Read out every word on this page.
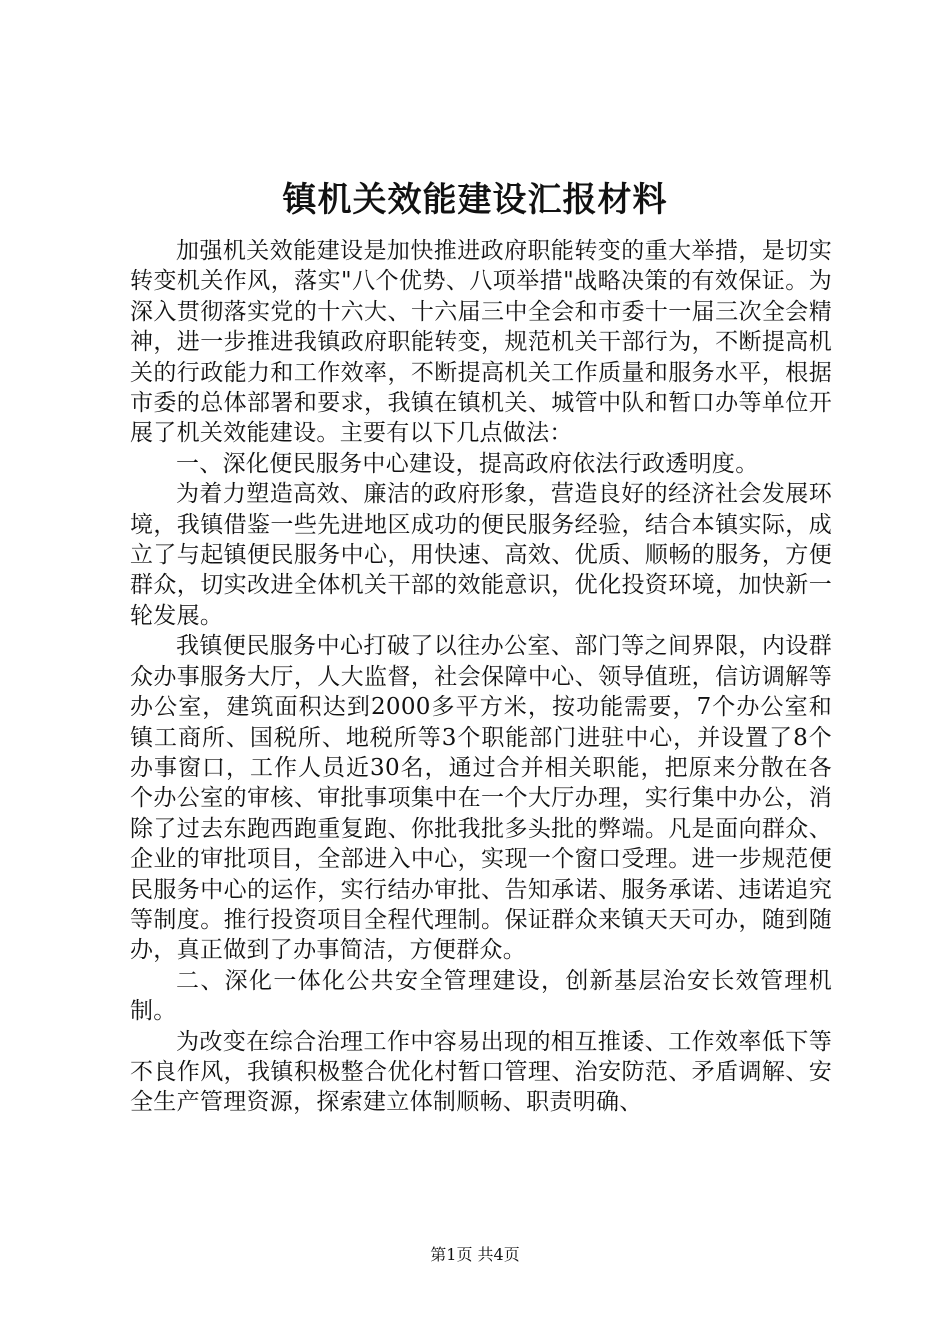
镇机关效能建设汇报材料

加强机关效能建设是加快推进政府职能转变的重大举措，是切实转变机关作风，落实"八个优势、八项举措"战略决策的有效保证。为深入贯彻落实党的十六大、十六届三中全会和市委十一届三次全会精神，进一步推进我镇政府职能转变，规范机关干部行为，不断提高机关的行政能力和工作效率，不断提高机关工作质量和服务水平，根据市委的总体部署和要求，我镇在镇机关、城管中队和暂口办等单位开展了机关效能建设。主要有以下几点做法：

一、深化便民服务中心建设，提高政府依法行政透明度。

为着力塑造高效、廉洁的政府形象，营造良好的经济社会发展环境，我镇借鉴一些先进地区成功的便民服务经验，结合本镇实际，成立了与起镇便民服务中心，用快速、高效、优质、顺畅的服务，方便群众，切实改进全体机关干部的效能意识，优化投资环境，加快新一轮发展。

我镇便民服务中心打破了以往办公室、部门等之间界限，内设群众办事服务大厅，人大监督，社会保障中心、领导值班，信访调解等办公室，建筑面积达到2000多平方米，按功能需要，7个办公室和镇工商所、国税所、地税所等3个职能部门进驻中心，并设置了8个办事窗口，工作人员近30名，通过合并相关职能，把原来分散在各个办公室的审核、审批事项集中在一个大厅办理，实行集中办公，消除了过去东跑西跑重复跑、你批我批多头批的弊端。凡是面向群众、企业的审批项目，全部进入中心，实现一个窗口受理。进一步规范便民服务中心的运作，实行结办审批、告知承诺、服务承诺、违诺追究等制度。推行投资项目全程代理制。保证群众来镇天天可办，随到随办，真正做到了办事简洁，方便群众。

二、深化一体化公共安全管理建设，创新基层治安长效管理机制。

为改变在综合治理工作中容易出现的相互推诿、工作效率低下等不良作风，我镇积极整合优化村暂口管理、治安防范、矛盾调解、安全生产管理资源，探索建立体制顺畅、职责明确、

第1页 共4页
